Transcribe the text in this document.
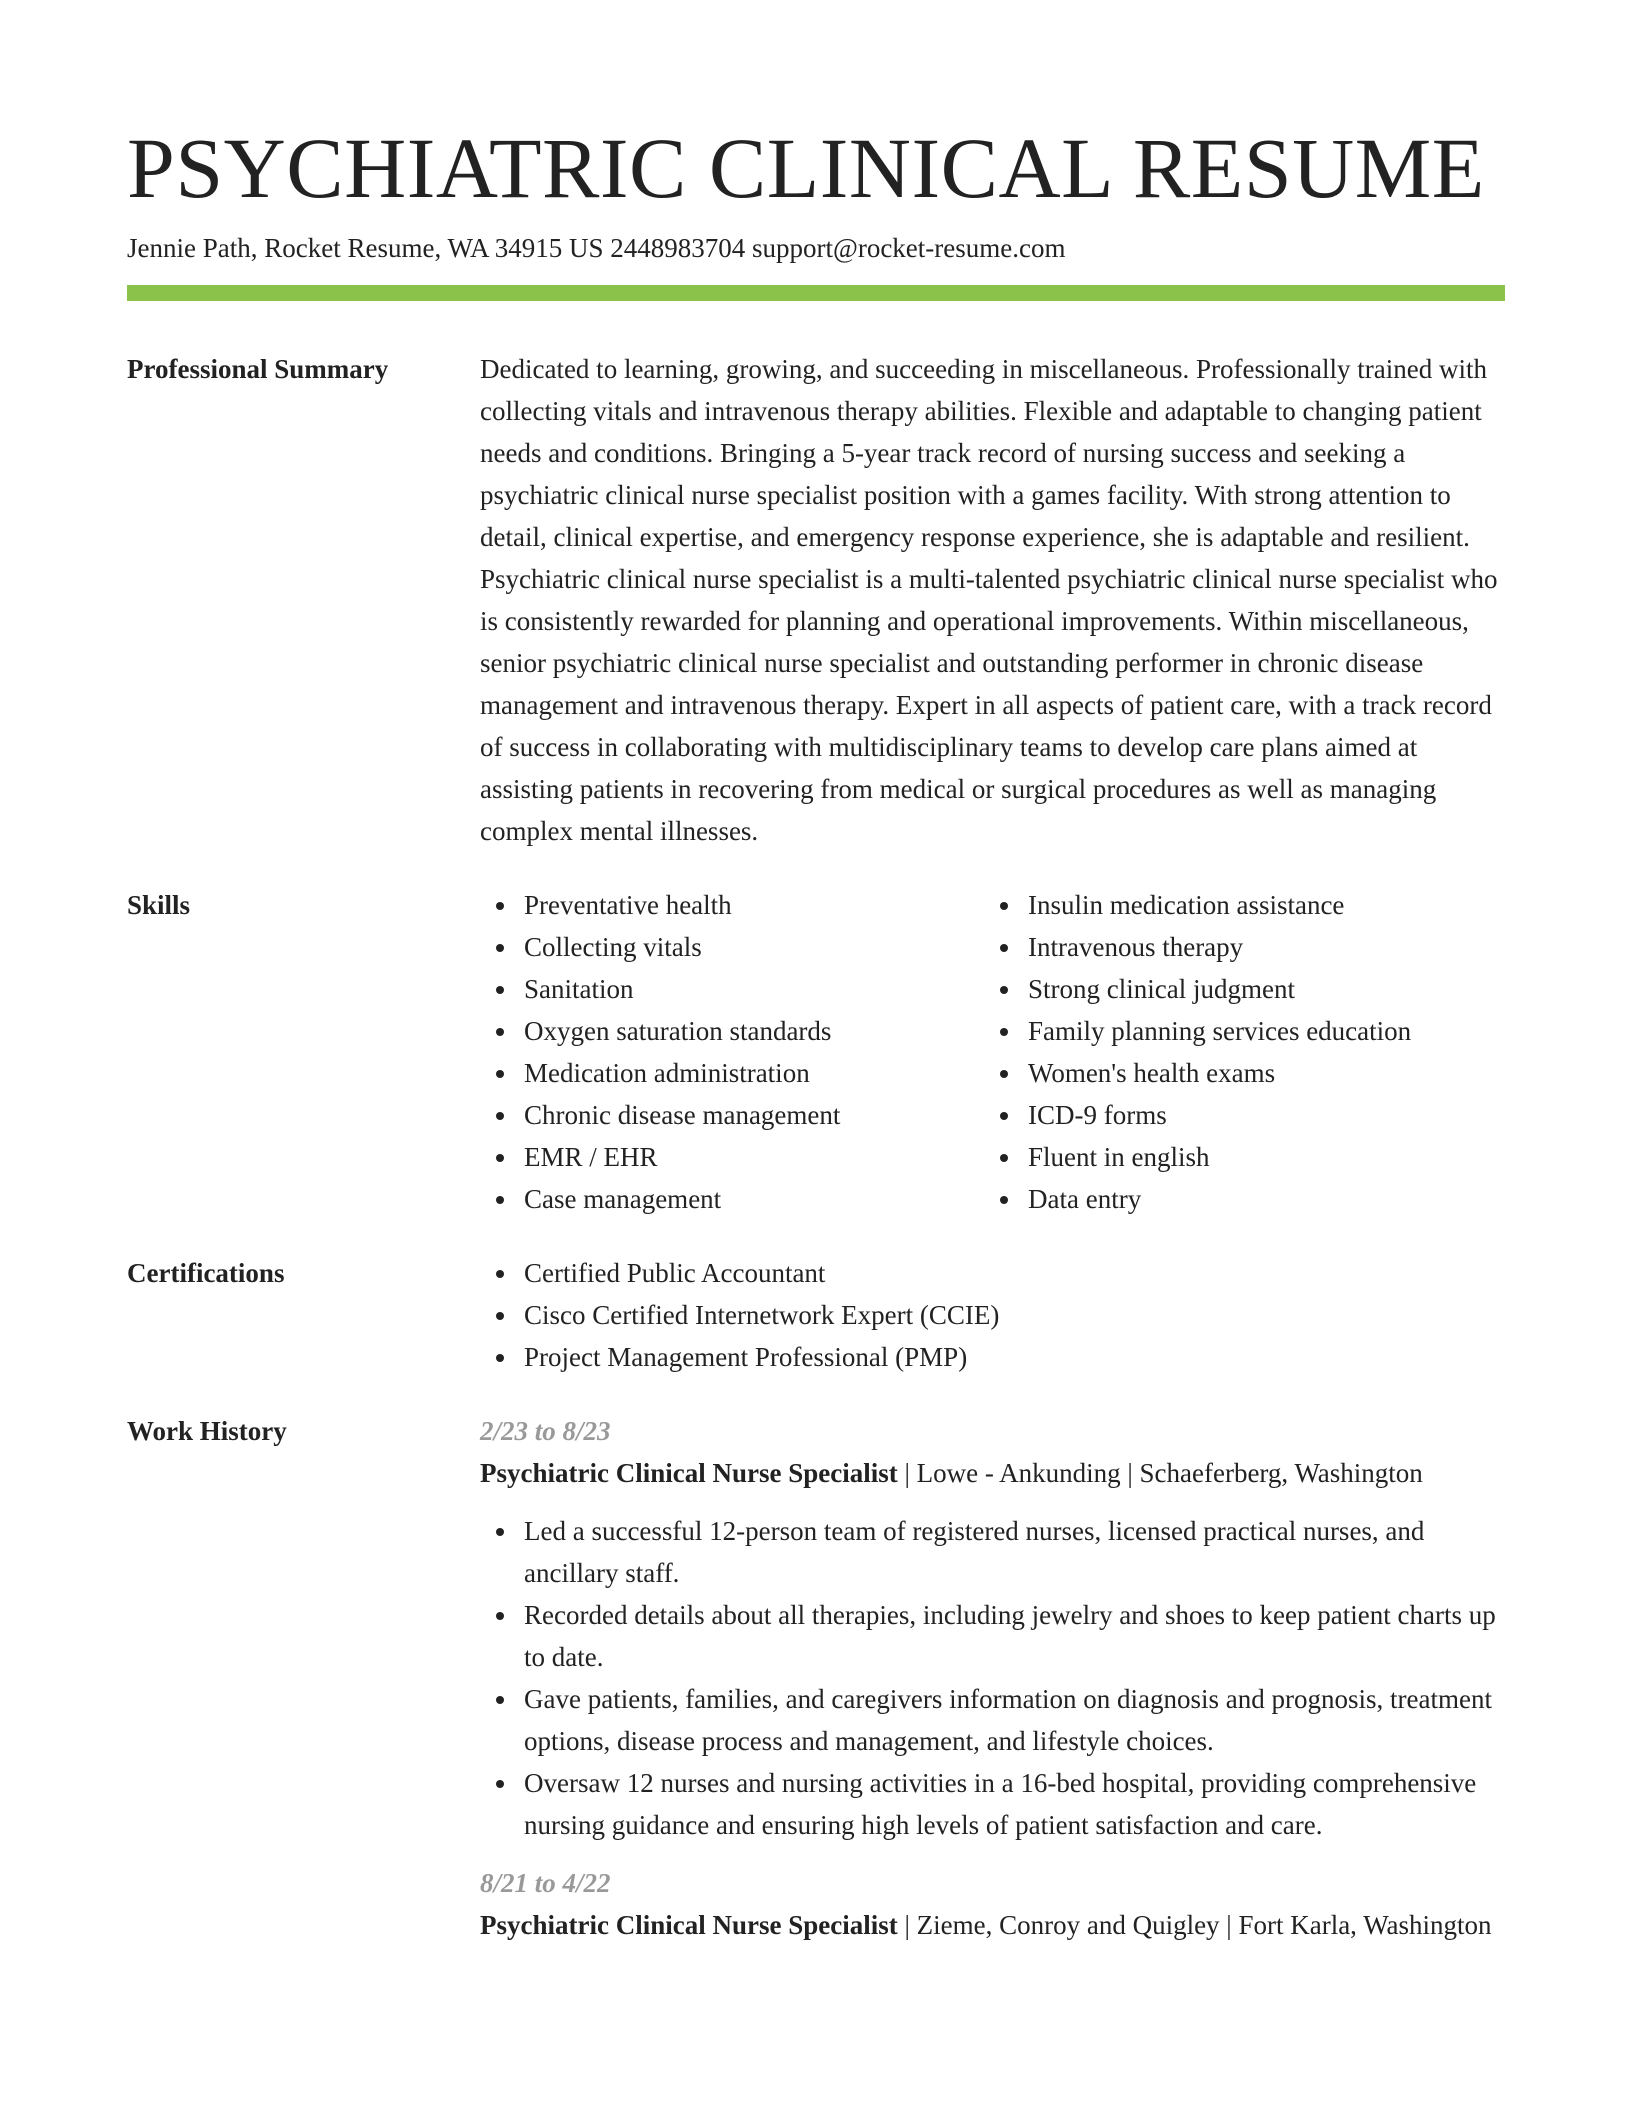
PSYCHIATRIC CLINICAL RESUME
Jennie Path, Rocket Resume, WA 34915 US 2448983704 support@rocket-resume.com
Professional Summary	Dedicated to learning, growing, and succeeding in miscellaneous. Professionally trained with collecting vitals and intravenous therapy abilities. Flexible and adaptable to changing patient needs and conditions. Bringing a 5-year track record of nursing success and seeking a psychiatric clinical nurse specialist position with a games facility. With strong attention to detail, clinical expertise, and emergency response experience, she is adaptable and resilient. Psychiatric clinical nurse specialist is a multi-talented psychiatric clinical nurse specialist who is consistently rewarded for planning and operational improvements. Within miscellaneous, senior psychiatric clinical nurse specialist and outstanding performer in chronic disease management and intravenous therapy. Expert in all aspects of patient care, with a track record of success in collaborating with multidisciplinary teams to develop care plans aimed at assisting patients in recovering from medical or surgical procedures as well as managing complex mental illnesses.
Skills	Preventative health
Collecting vitals
Sanitation
Oxygen saturation standards
Medication administration
Chronic disease management
EMR / EHR
Case management
Insulin medication assistance
Intravenous therapy
Strong clinical judgment
Family planning services education
Women's health exams
ICD-9 forms
Fluent in english
Data entry
Certifications	Certified Public Accountant
Cisco Certified Internetwork Expert (CCIE)
Project Management Professional (PMP)
Work History	2/23 to 8/23
Psychiatric Clinical Nurse Specialist | Lowe - Ankunding | Schaeferberg, Washington
Led a successful 12-person team of registered nurses, licensed practical nurses, and ancillary staff.
Recorded details about all therapies, including jewelry and shoes to keep patient charts up to date.
Gave patients, families, and caregivers information on diagnosis and prognosis, treatment options, disease process and management, and lifestyle choices.
Oversaw 12 nurses and nursing activities in a 16-bed hospital, providing comprehensive nursing guidance and ensuring high levels of patient satisfaction and care.
8/21 to 4/22
Psychiatric Clinical Nurse Specialist | Zieme, Conroy and Quigley | Fort Karla, Washington
